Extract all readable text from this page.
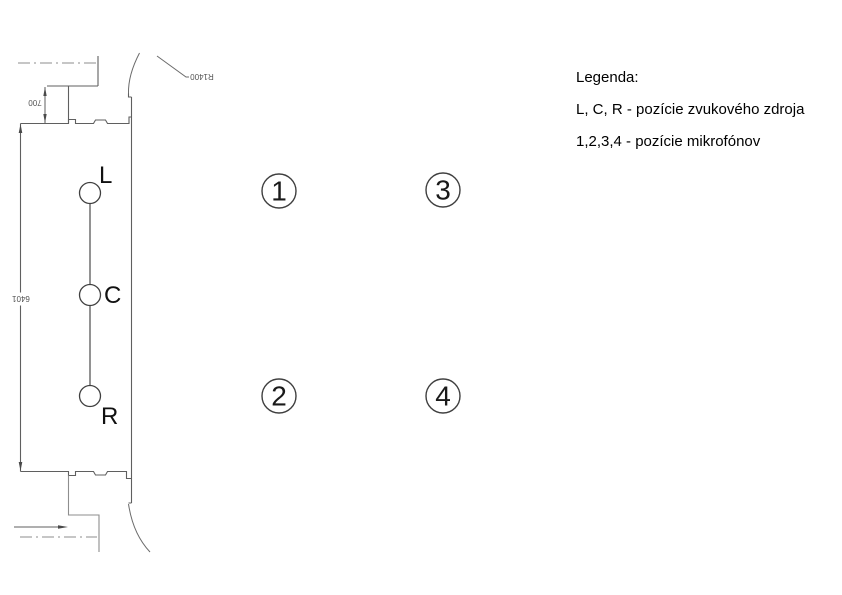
6401
700
R1400
L
C
R
1	3
2	4
Legenda:
L, C, R - pozície zvukového zdroja
1,2,3,4 - pozície mikrofónov
